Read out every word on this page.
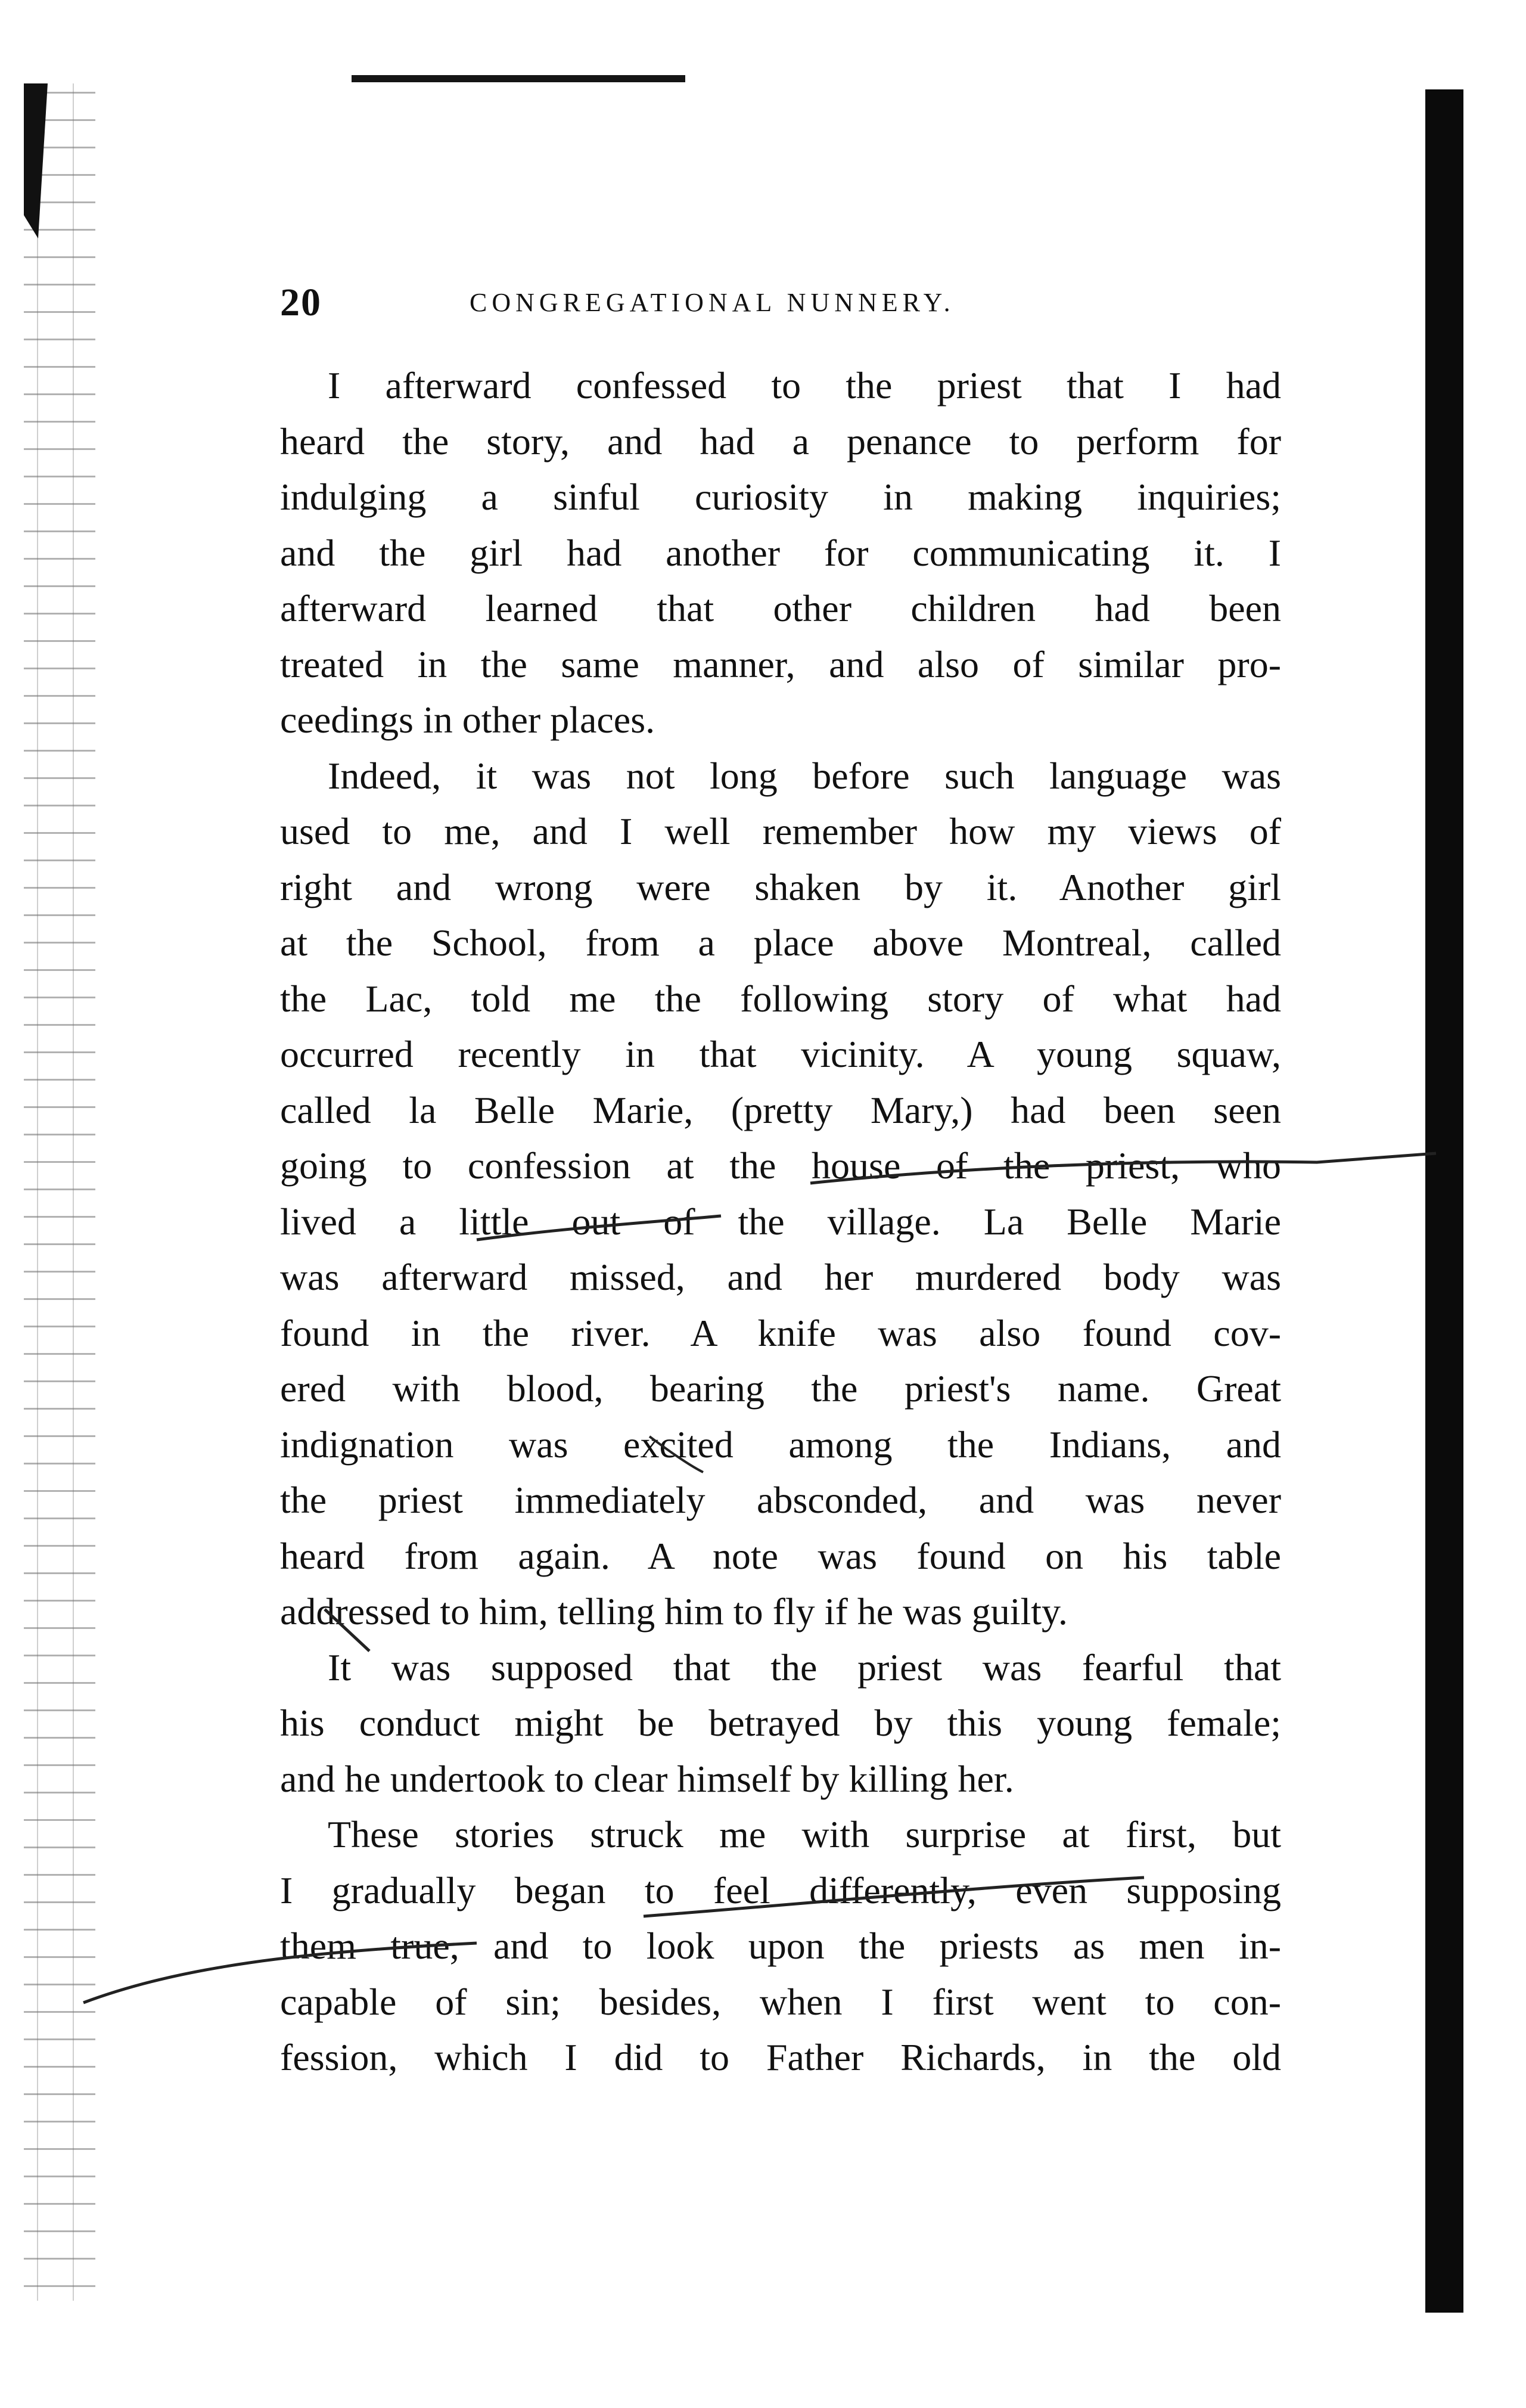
20	CONGREGATIONAL NUNNERY.
I afterward confessed to the priest that I had
heard the story, and had a penance to perform for
indulging a sinful curiosity in making inquiries;
and the girl had another for communicating it. I
afterward learned that other children had been
treated in the same manner, and also of similar pro-
ceedings in other places.
Indeed, it was not long before such language was
used to me, and I well remember how my views of
right and wrong were shaken by it. Another girl
at the School, from a place above Montreal, called
the Lac, told me the following story of what had
occurred recently in that vicinity. A young squaw,
called la Belle Marie, (pretty Mary,) had been seen
going to confession at the house of the priest, who
lived a little out of the village. La Belle Marie
was afterward missed, and her murdered body was
found in the river. A knife was also found cov-
ered with blood, bearing the priest's name. Great
indignation was excited among the Indians, and
the priest immediately absconded, and was never
heard from again. A note was found on his table
addressed to him, telling him to fly if he was guilty.
It was supposed that the priest was fearful that
his conduct might be betrayed by this young female;
and he undertook to clear himself by killing her.
These stories struck me with surprise at first, but
I gradually began to feel differently, even supposing
them true, and to look upon the priests as men in-
capable of sin; besides, when I first went to con-
fession, which I did to Father Richards, in the old
